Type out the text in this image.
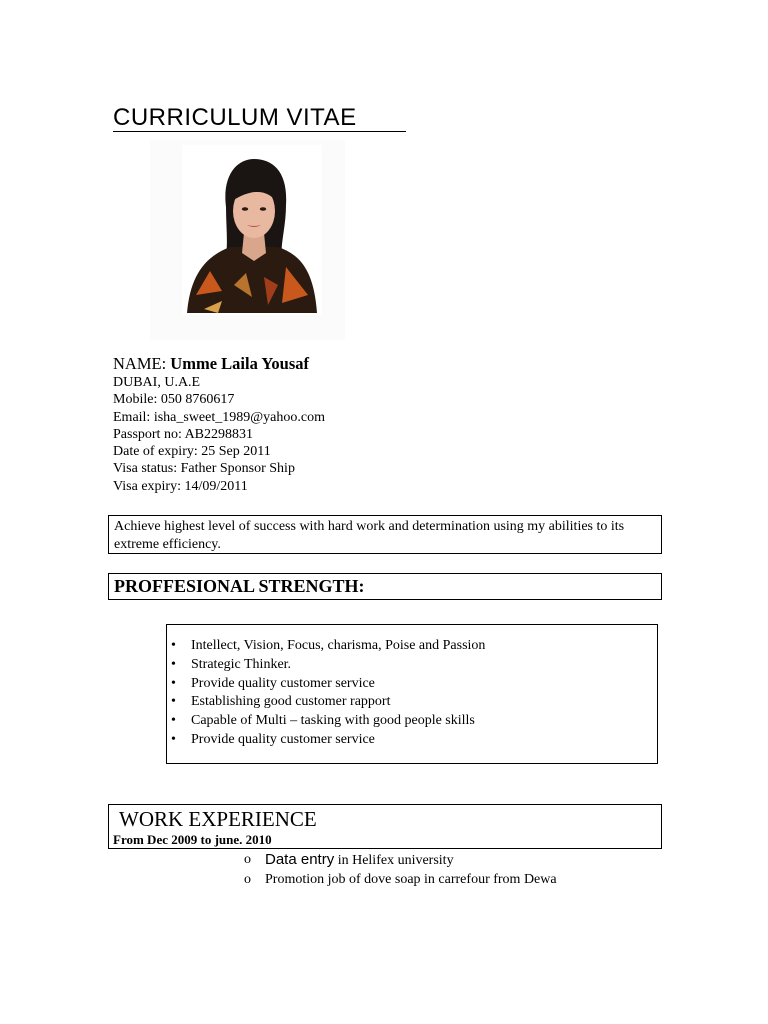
CURRICULUM VITAE
NAME: Umme Laila Yousaf
DUBAI, U.A.E
Mobile: 050 8760617
Email: isha_sweet_1989@yahoo.com
Passport no: AB2298831
Date of expiry: 25 Sep 2011
Visa status: Father Sponsor Ship
Visa expiry: 14/09/2011
Achieve highest level of success with hard work and determination using my abilities to its extreme efficiency.
PROFFESIONAL STRENGTH:
• Intellect, Vision, Focus, charisma, Poise and Passion
• Strategic Thinker.
• Provide quality customer service
• Establishing good customer rapport
• Capable of Multi – tasking with good people skills
• Provide quality customer service
WORK EXPERIENCE
From Dec 2009 to june. 2010
o Data entry in Helifex university
o Promotion job of dove soap in carrefour from Dewa
